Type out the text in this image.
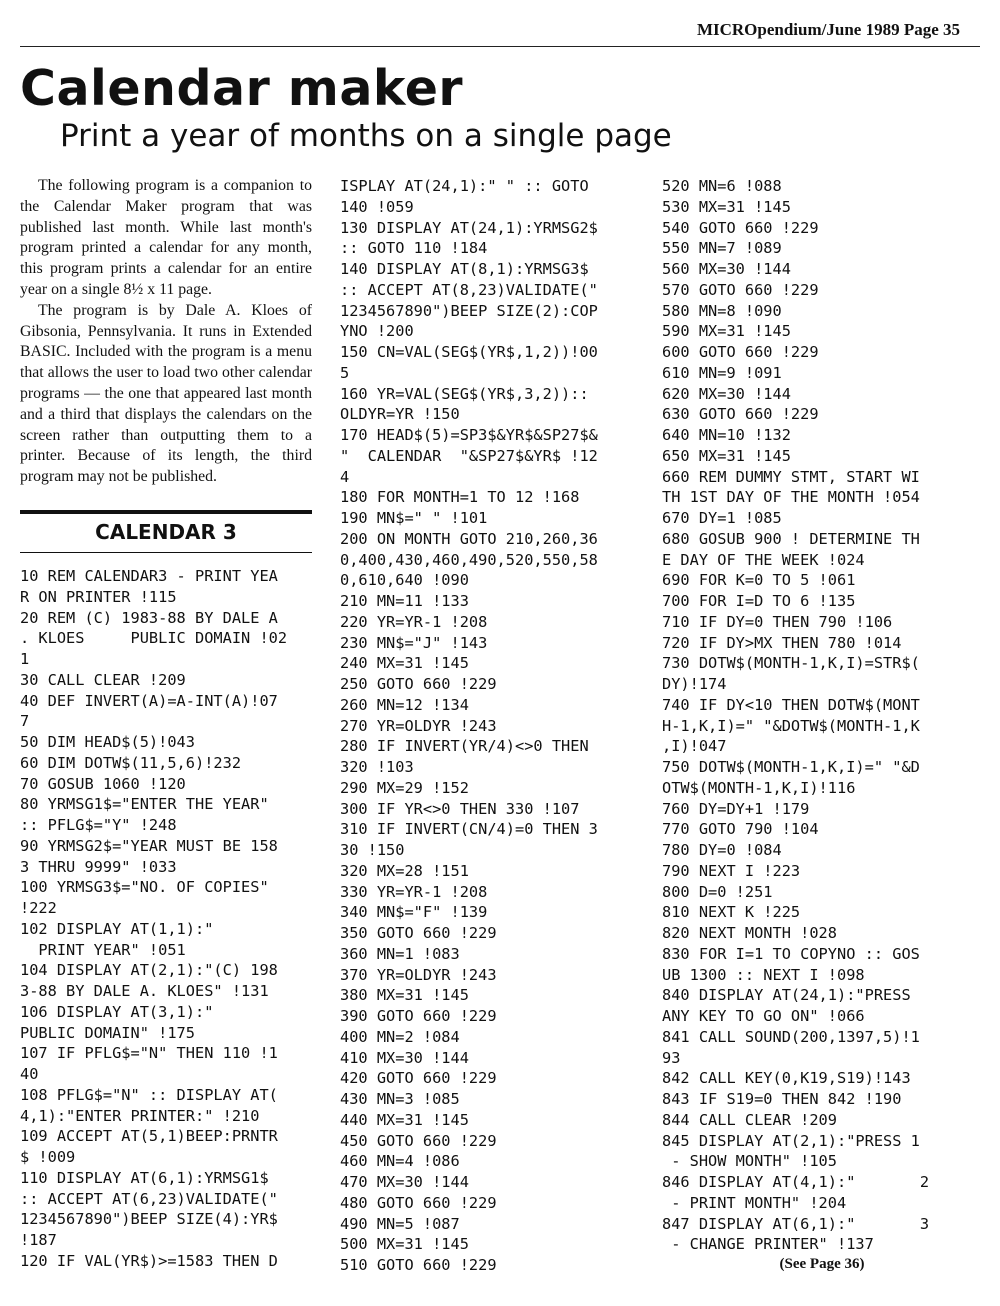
MICROpendium/June 1989 Page 35
Calendar maker
Print a year of months on a single page

The following program is a companion to the Calendar Maker program that was published last month. While last month's program printed a calendar for any month, this program prints a calendar for an entire year on a single 8½ x 11 page.

The program is by Dale A. Kloes of Gibsonia, Pennsylvania. It runs in Extended BASIC. Included with the program is a menu that allows the user to load two other calendar programs — the one that appeared last month and a third that displays the calendars on the screen rather than outputting them to a printer. Because of its length, the third program may not be published.

CALENDAR 3
10 REM CALENDAR3 - PRINT YEA
R ON PRINTER !115
20 REM (C) 1983-88 BY DALE A
. KLOES     PUBLIC DOMAIN !02
1
30 CALL CLEAR !209
40 DEF INVERT(A)=A-INT(A)!07
7
50 DIM HEAD$(5)!043
60 DIM DOTW$(11,5,6)!232
70 GOSUB 1060 !120
80 YRMSG1$="ENTER THE YEAR"
:: PFLG$="Y" !248
90 YRMSG2$="YEAR MUST BE 158
3 THRU 9999" !033
100 YRMSG3$="NO. OF COPIES"
!222
102 DISPLAY AT(1,1):"
PRINT YEAR" !051
104 DISPLAY AT(2,1):"(C) 198
3-88 BY DALE A. KLOES" !131
106 DISPLAY AT(3,1):"
PUBLIC DOMAIN" !175
107 IF PFLG$="N" THEN 110 !1
40
108 PFLG$="N" :: DISPLAY AT(
4,1):"ENTER PRINTER:" !210
109 ACCEPT AT(5,1)BEEP:PRNTR
$ !009
110 DISPLAY AT(6,1):YRMSG1$
:: ACCEPT AT(6,23)VALIDATE("
1234567890")BEEP SIZE(4):YR$
!187
120 IF VAL(YR$)>=1583 THEN D
ISPLAY AT(24,1):" " :: GOTO
140 !059
130 DISPLAY AT(24,1):YRMSG2$
:: GOTO 110 !184
140 DISPLAY AT(8,1):YRMSG3$
:: ACCEPT AT(8,23)VALIDATE("
1234567890")BEEP SIZE(2):COP
YNO !200
150 CN=VAL(SEG$(YR$,1,2))!00
5
160 YR=VAL(SEG$(YR$,3,2))::
OLDYR=YR !150
170 HEAD$(5)=SP3$&YR$&SP27$&
"  CALENDAR  "&SP27$&YR$ !12
4
180 FOR MONTH=1 TO 12 !168
190 MN$=" " !101
200 ON MONTH GOTO 210,260,36
0,400,430,460,490,520,550,58
0,610,640 !090
210 MN=11 !133
220 YR=YR-1 !208
230 MN$="J" !143
240 MX=31 !145
250 GOTO 660 !229
260 MN=12 !134
270 YR=OLDYR !243
280 IF INVERT(YR/4)<>0 THEN
320 !103
290 MX=29 !152
300 IF YR<>0 THEN 330 !107
310 IF INVERT(CN/4)=0 THEN 3
30 !150
320 MX=28 !151
330 YR=YR-1 !208
340 MN$="F" !139
350 GOTO 660 !229
360 MN=1 !083
370 YR=OLDYR !243
380 MX=31 !145
390 GOTO 660 !229
400 MN=2 !084
410 MX=30 !144
420 GOTO 660 !229
430 MN=3 !085
440 MX=31 !145
450 GOTO 660 !229
460 MN=4 !086
470 MX=30 !144
480 GOTO 660 !229
490 MN=5 !087
500 MX=31 !145
510 GOTO 660 !229
520 MN=6 !088
530 MX=31 !145
540 GOTO 660 !229
550 MN=7 !089
560 MX=30 !144
570 GOTO 660 !229
580 MN=8 !090
590 MX=31 !145
600 GOTO 660 !229
610 MN=9 !091
620 MX=30 !144
630 GOTO 660 !229
640 MN=10 !132
650 MX=31 !145
660 REM DUMMY STMT, START WI
TH 1ST DAY OF THE MONTH !054
670 DY=1 !085
680 GOSUB 900 ! DETERMINE TH
E DAY OF THE WEEK !024
690 FOR K=0 TO 5 !061
700 FOR I=D TO 6 !135
710 IF DY=0 THEN 790 !106
720 IF DY>MX THEN 780 !014
730 DOTW$(MONTH-1,K,I)=STR$(
DY)!174
740 IF DY<10 THEN DOTW$(MONT
H-1,K,I)=" "&DOTW$(MONTH-1,K
,I)!047
750 DOTW$(MONTH-1,K,I)=" "&D
OTW$(MONTH-1,K,I)!116
760 DY=DY+1 !179
770 GOTO 790 !104
780 DY=0 !084
790 NEXT I !223
800 D=0 !251
810 NEXT K !225
820 NEXT MONTH !028
830 FOR I=1 TO COPYNO :: GOS
UB 1300 :: NEXT I !098
840 DISPLAY AT(24,1):"PRESS
ANY KEY TO GO ON" !066
841 CALL SOUND(200,1397,5)!1
93
842 CALL KEY(0,K19,S19)!143
843 IF S19=0 THEN 842 !190
844 CALL CLEAR !209
845 DISPLAY AT(2,1):"PRESS 1
- SHOW MONTH" !105
846 DISPLAY AT(4,1):"       2
- PRINT MONTH" !204
847 DISPLAY AT(6,1):"       3
- CHANGE PRINTER" !137
(See Page 36)
